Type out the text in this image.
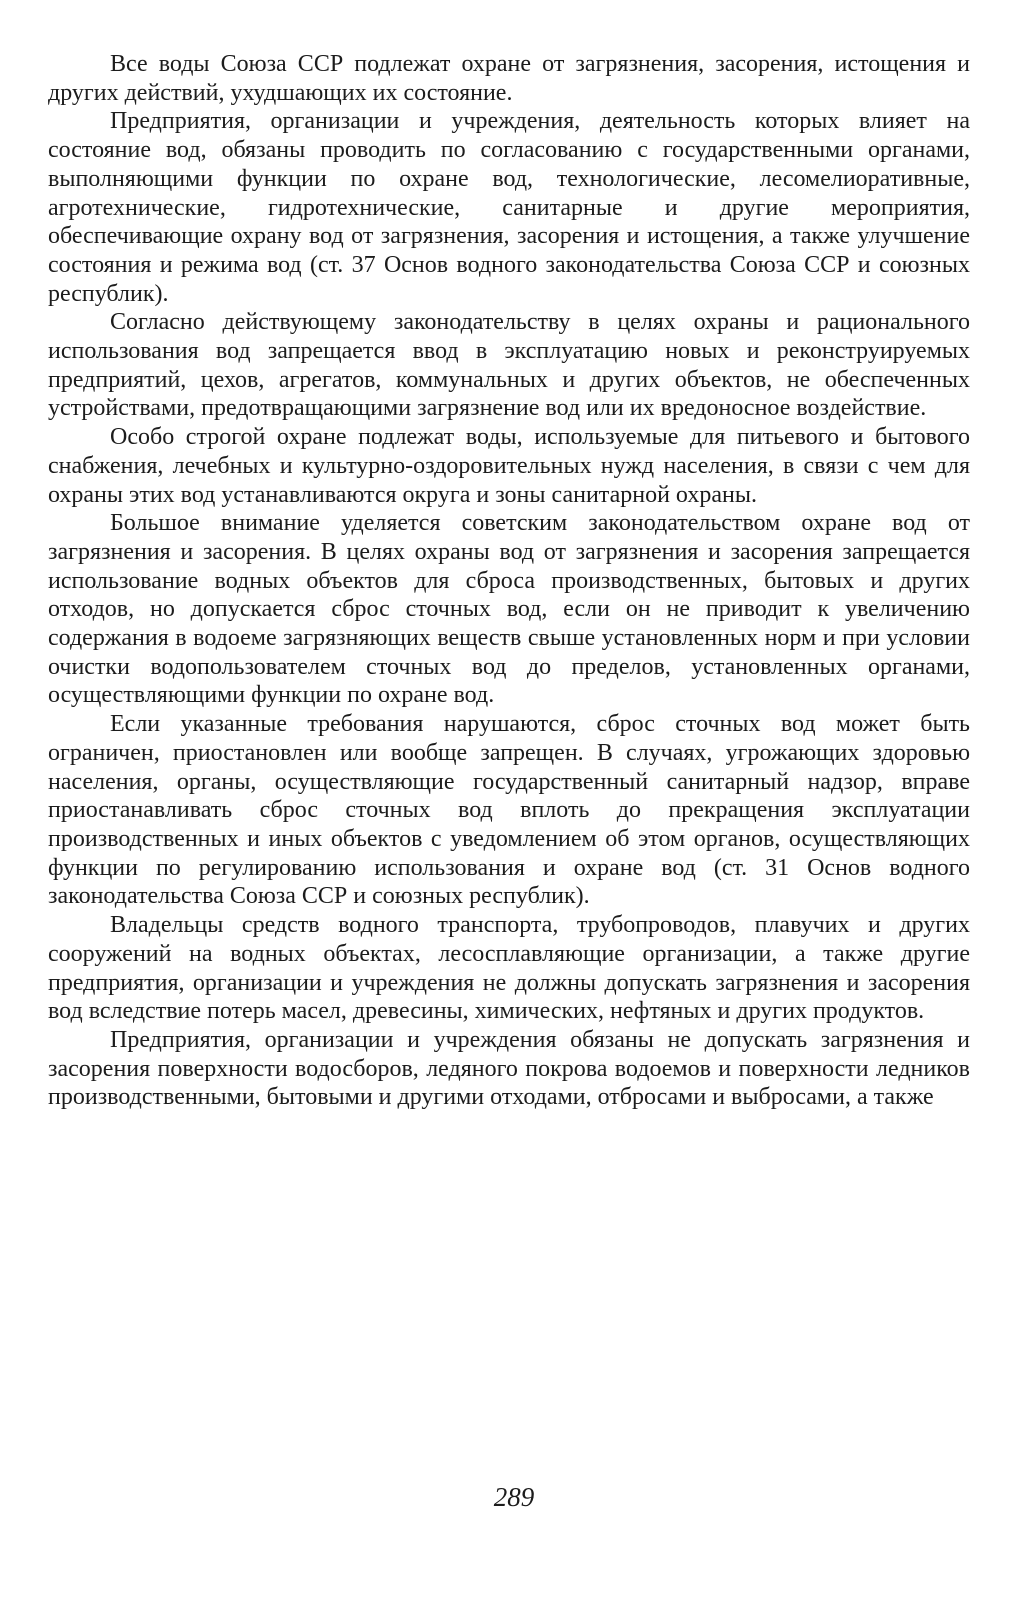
Все воды Союза ССР подлежат охране от загрязнения, засорения, истощения и других действий, ухудшающих их состояние.

Предприятия, организации и учреждения, деятельность которых влияет на состояние вод, обязаны проводить по согласованию с государственными органами, выполняющими функции по охране вод, технологические, лесомелиоративные, агротехнические, гидротехнические, санитарные и другие мероприятия, обеспечивающие охрану вод от загрязнения, засорения и истощения, а также улучшение состояния и режима вод (ст. 37 Основ водного законодательства Союза ССР и союзных республик).

Согласно действующему законодательству в целях охраны и рационального использования вод запрещается ввод в эксплуатацию новых и реконструируемых предприятий, цехов, агрегатов, коммунальных и других объектов, не обеспеченных устройствами, предотвращающими загрязнение вод или их вредоносное воздействие.

Особо строгой охране подлежат воды, используемые для питьевого и бытового снабжения, лечебных и культурно-оздоровительных нужд населения, в связи с чем для охраны этих вод устанавливаются округа и зоны санитарной охраны.

Большое внимание уделяется советским законодательством охране вод от загрязнения и засорения. В целях охраны вод от загрязнения и засорения запрещается использование водных объектов для сброса производственных, бытовых и других отходов, но допускается сброс сточных вод, если он не приводит к увеличению содержания в водоеме загрязняющих веществ свыше установленных норм и при условии очистки водопользователем сточных вод до пределов, установленных органами, осуществляющими функции по охране вод.

Если указанные требования нарушаются, сброс сточных вод может быть ограничен, приостановлен или вообще запрещен. В случаях, угрожающих здоровью населения, органы, осуществляющие государственный санитарный надзор, вправе приостанавливать сброс сточных вод вплоть до прекращения эксплуатации производственных и иных объектов с уведомлением об этом органов, осуществляющих функции по регулированию использования и охране вод (ст. 31 Основ водного законодательства Союза ССР и союзных республик).

Владельцы средств водного транспорта, трубопроводов, плавучих и других сооружений на водных объектах, лесосплавляющие организации, а также другие предприятия, организации и учреждения не должны допускать загрязнения и засорения вод вследствие потерь масел, древесины, химических, нефтяных и других продуктов.

Предприятия, организации и учреждения обязаны не допускать загрязнения и засорения поверхности водосборов, ледяного покрова водоемов и поверхности ледников производственными, бытовыми и другими отходами, отбросами и выбросами, а также

289
